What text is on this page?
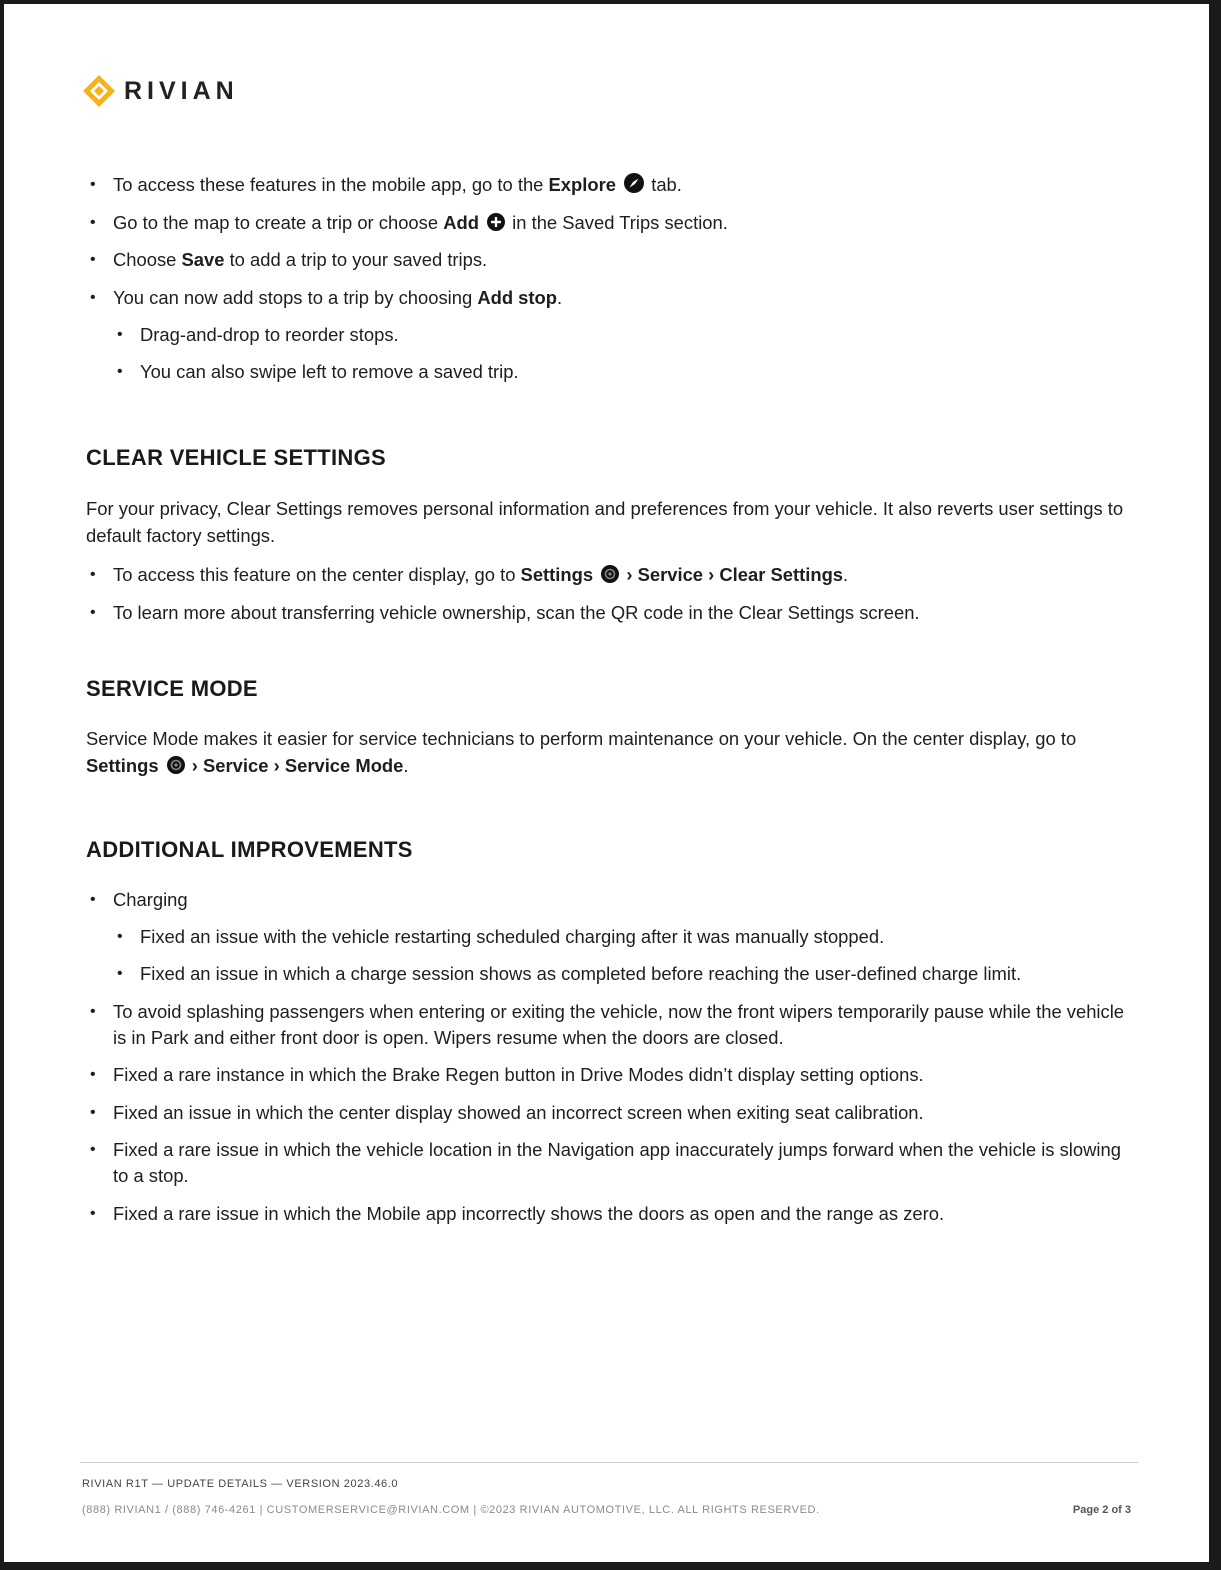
RIVIAN
• To access these features in the mobile app, go to the Explore  tab.
• Go to the map to create a trip or choose Add  in the Saved Trips section.
• Choose Save to add a trip to your saved trips.
• You can now add stops to a trip by choosing Add stop.
• Drag-and-drop to reorder stops.
• You can also swipe left to remove a saved trip.
CLEAR VEHICLE SETTINGS

For your privacy, Clear Settings removes personal information and preferences from your vehicle. It also reverts user settings to default factory settings.

• To access this feature on the center display, go to Settings  › Service › Clear Settings.
• To learn more about transferring vehicle ownership, scan the QR code in the Clear Settings screen.
SERVICE MODE

Service Mode makes it easier for service technicians to perform maintenance on your vehicle. On the center display, go to Settings  › Service › Service Mode.

ADDITIONAL IMPROVEMENTS
• Charging
• Fixed an issue with the vehicle restarting scheduled charging after it was manually stopped.
• Fixed an issue in which a charge session shows as completed before reaching the user-defined charge limit.
• To avoid splashing passengers when entering or exiting the vehicle, now the front wipers temporarily pause while the vehicle is in Park and either front door is open. Wipers resume when the doors are closed.
• Fixed a rare instance in which the Brake Regen button in Drive Modes didn’t display setting options.
• Fixed an issue in which the center display showed an incorrect screen when exiting seat calibration.
• Fixed a rare issue in which the vehicle location in the Navigation app inaccurately jumps forward when the vehicle is slowing to a stop.
• Fixed a rare issue in which the Mobile app incorrectly shows the doors as open and the range as zero.
RIVIAN R1T — UPDATE DETAILS — VERSION 2023.46.0
(888) RIVIAN1 / (888) 746-4261 | CUSTOMERSERVICE@RIVIAN.COM | ©2023 RIVIAN AUTOMOTIVE, LLC. ALL RIGHTS RESERVED.	Page 2 of 3
